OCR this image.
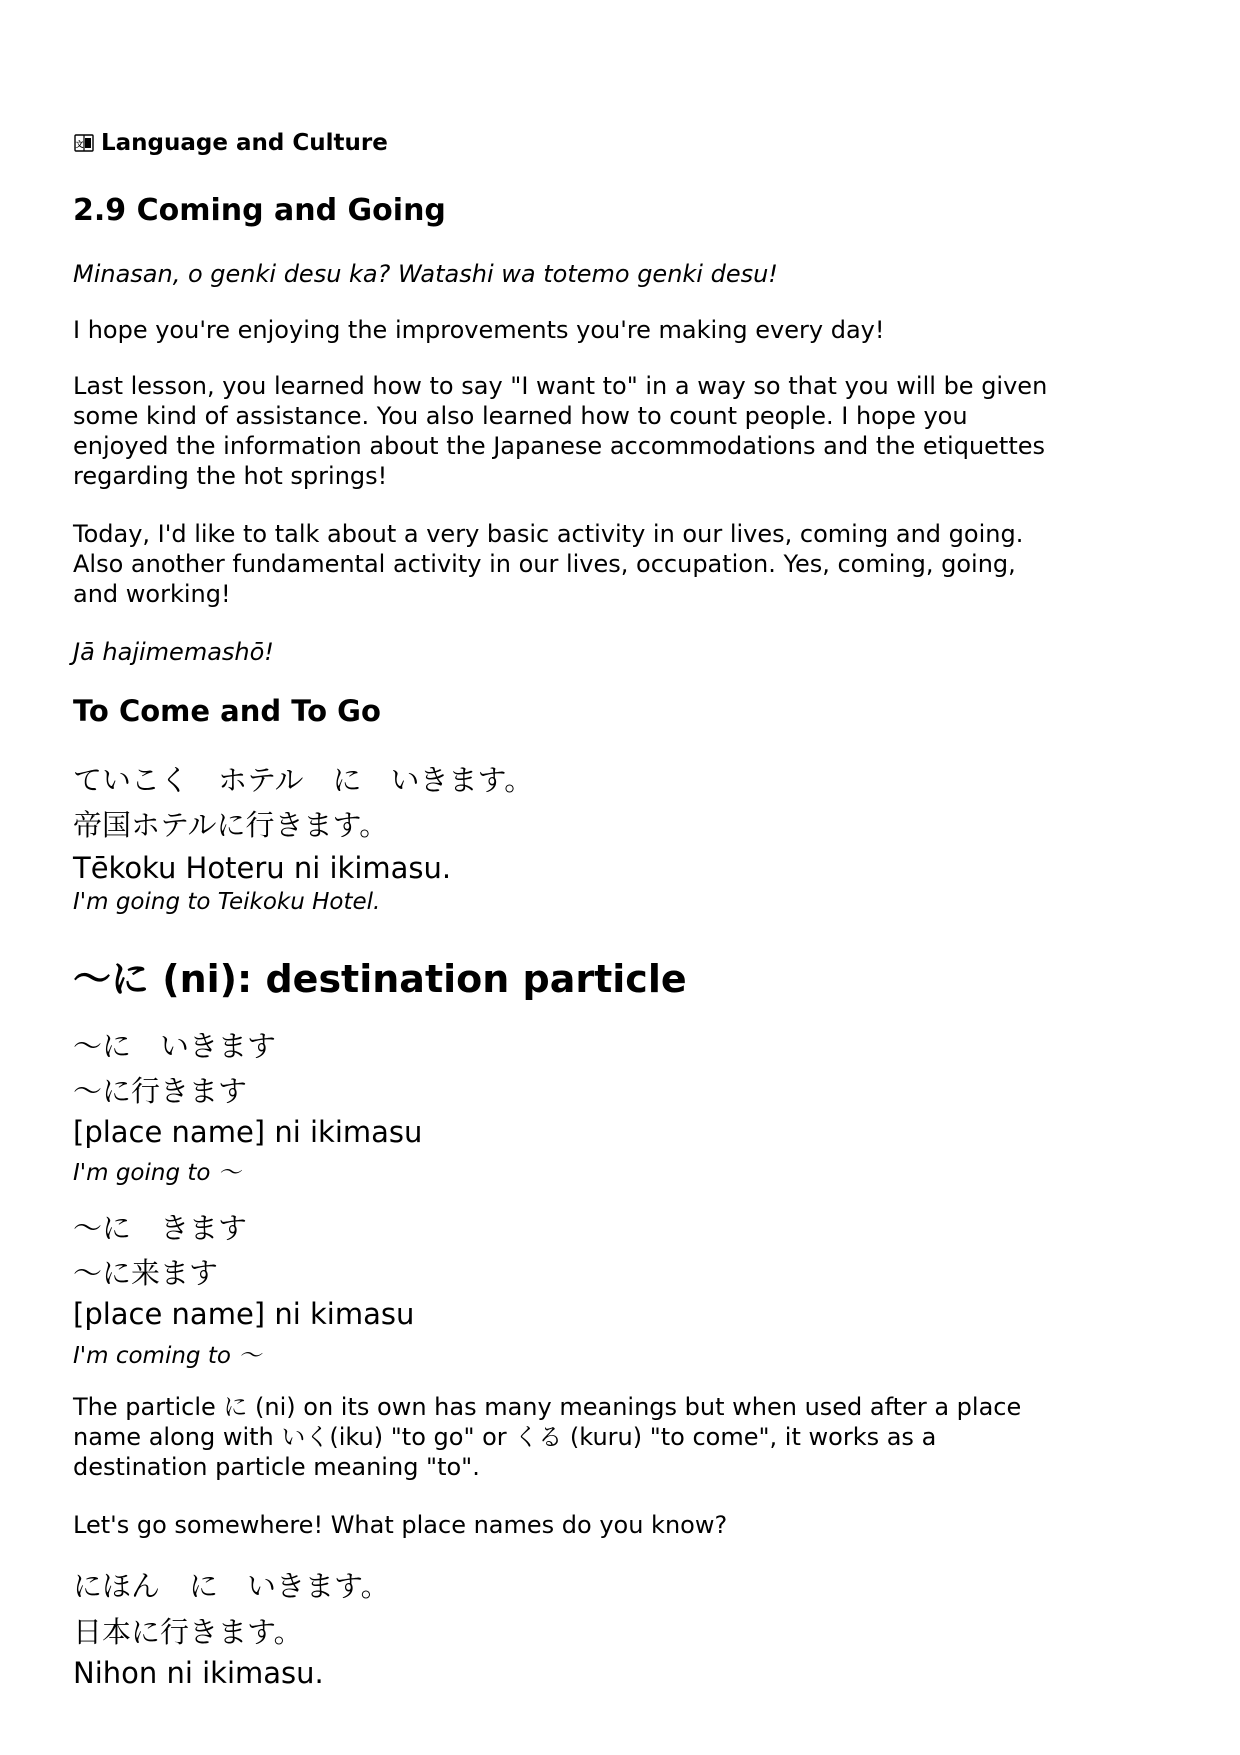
文 Language and Culture
2.9 Coming and Going

Minasan, o genki desu ka? Watashi wa totemo genki desu!

I hope you're enjoying the improvements you're making every day!

Last lesson, you learned how to say "I want to" in a way so that you will be given
some kind of assistance. You also learned how to count people. I hope you
enjoyed the information about the Japanese accommodations and the etiquettes
regarding the hot springs!
Today, I'd like to talk about a very basic activity in our lives, coming and going.
Also another fundamental activity in our lives, occupation. Yes, coming, going,
and working!

Jā hajimemashō!

To Come and To Go
ていこく　ホテル　に　いきます。
帝国ホテルに行きます。
Tēkoku Hoteru ni ikimasu.
I'm going to Teikoku Hotel.
〜に (ni): destination particle
〜に　いきます
〜に行きます
[place name] ni ikimasu
I'm going to 〜
〜に　きます
〜に来ます
[place name] ni kimasu
I'm coming to 〜
The particle に (ni) on its own has many meanings but when used after a place
name along with いく(iku) "to go" or くる (kuru) "to come", it works as a
destination particle meaning "to".

Let's go somewhere! What place names do you know?

にほん　に　いきます。
日本に行きます。
Nihon ni ikimasu.
